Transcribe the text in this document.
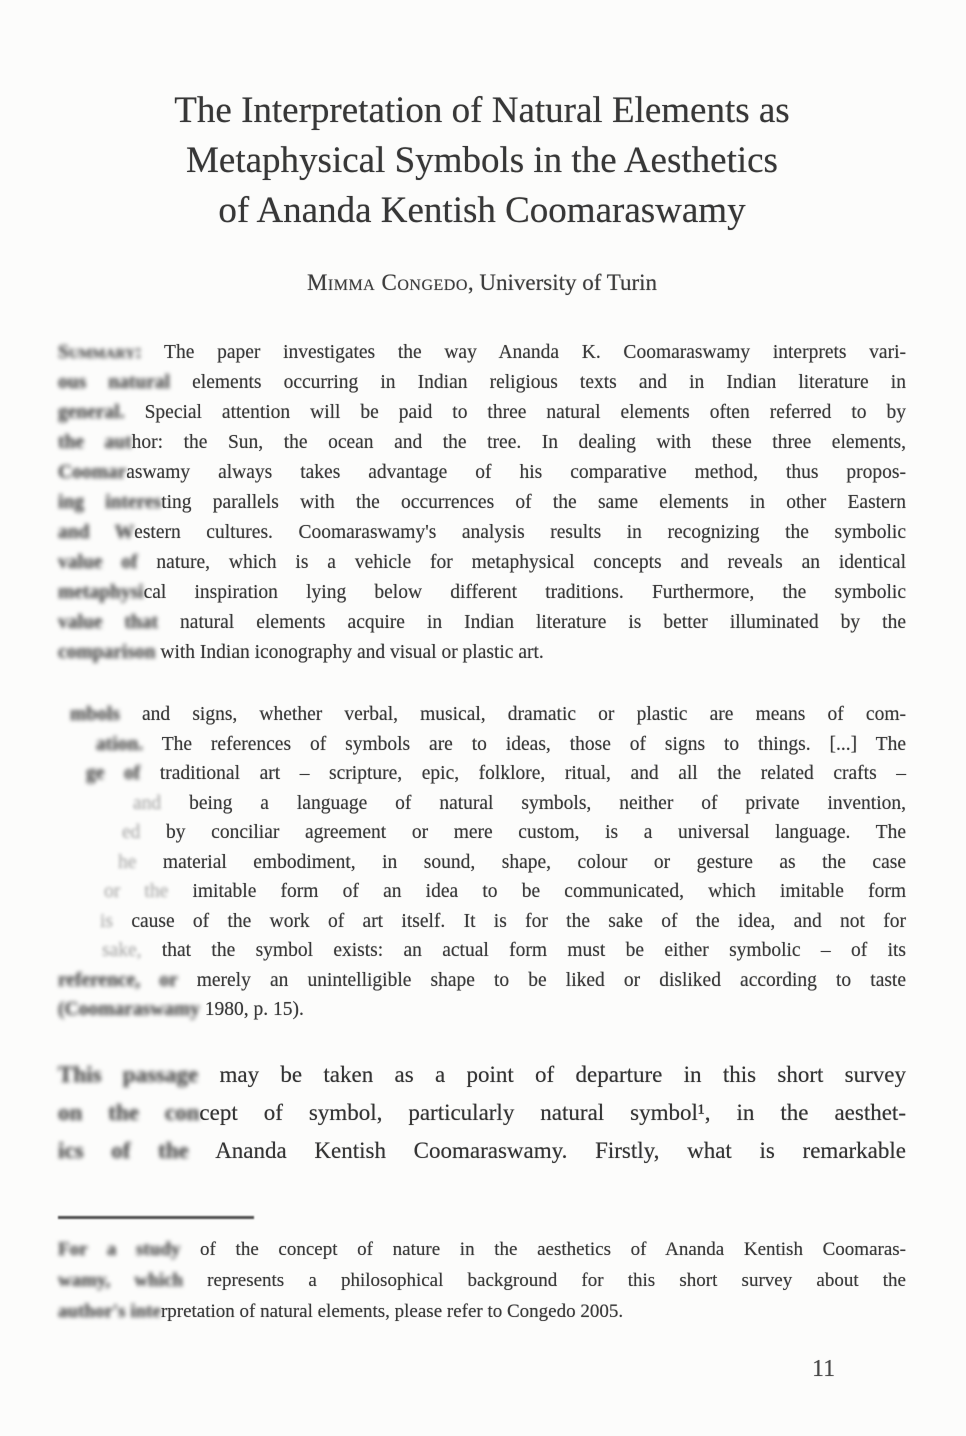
The Interpretation of Natural Elements as
Metaphysical Symbols in the Aesthetics
of Ananda Kentish Coomaraswamy
Mimma Congedo, University of Turin
Summary: The paper investigates the way Ananda K. Coomaraswamy interprets vari-
ous natural elements occurring in Indian religious texts and in Indian literature in
general. Special attention will be paid to three natural elements often referred to by
the author: the Sun, the ocean and the tree. In dealing with these three elements,
Coomaraswamy always takes advantage of his comparative method, thus propos-
ing interesting parallels with the occurrences of the same elements in other Eastern
and Western cultures. Coomaraswamy's analysis results in recognizing the symbolic
value of nature, which is a vehicle for metaphysical concepts and reveals an identical
metaphysical inspiration lying below different traditions. Furthermore, the symbolic
value that natural elements acquire in Indian literature is better illuminated by the
comparison with Indian iconography and visual or plastic art.
mbols and signs, whether verbal, musical, dramatic or plastic are means of com-
ation. The references of symbols are to ideas, those of signs to things. [...] The
ge of traditional art – scripture, epic, folklore, ritual, and all the related crafts –
and being a language of natural symbols, neither of private invention,
ed by conciliar agreement or mere custom, is a universal language. The
he material embodiment, in sound, shape, colour or gesture as the case
or the imitable form of an idea to be communicated, which imitable form
is cause of the work of art itself. It is for the sake of the idea, and not for
sake, that the symbol exists: an actual form must be either symbolic – of its
reference, or merely an unintelligible shape to be liked or disliked according to taste
(Coomaraswamy 1980, p. 15).
This passage may be taken as a point of departure in this short survey
on the concept of symbol, particularly natural symbol¹, in the aesthet-
ics of the Ananda Kentish Coomaraswamy. Firstly, what is remarkable
For a study of the concept of nature in the aesthetics of Ananda Kentish Coomaras-
wamy, which represents a philosophical background for this short survey about the
author's interpretation of natural elements, please refer to Congedo 2005.
11
